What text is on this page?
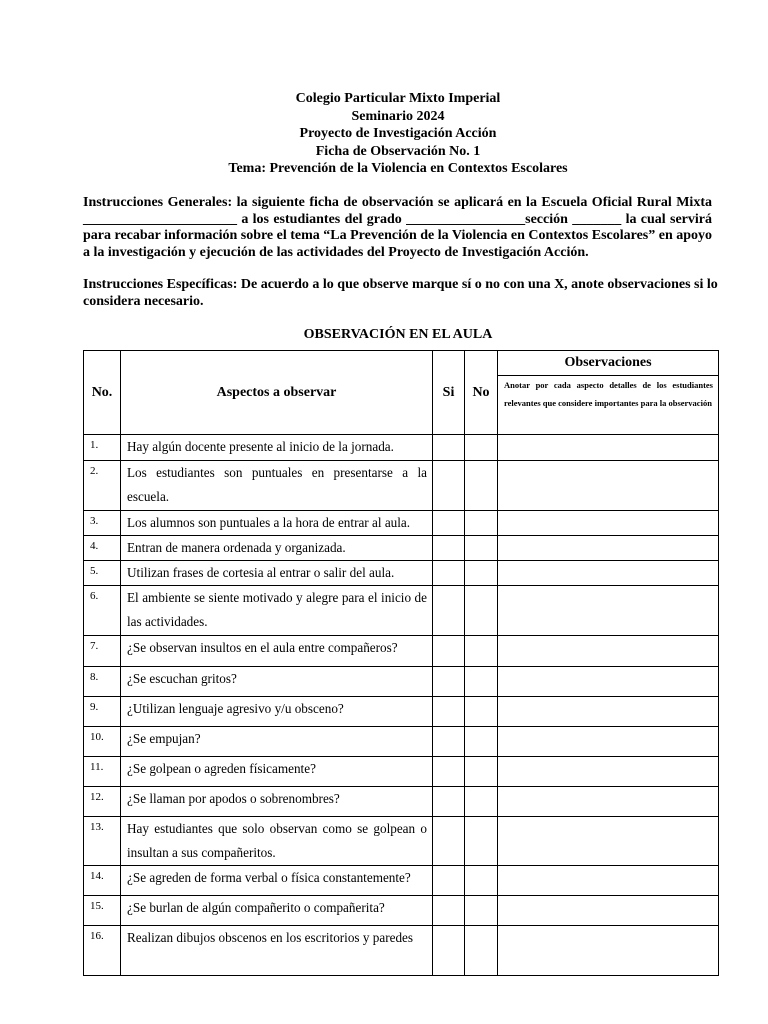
Colegio Particular Mixto Imperial
Seminario 2024
Proyecto de Investigación Acción
Ficha de Observación No. 1
Tema: Prevención de la Violencia en Contextos Escolares
Instrucciones Generales: la siguiente ficha de observación se aplicará en la Escuela Oficial Rural Mixta
______________________ a los estudiantes del grado _________________sección _______ la cual servirá
para recabar información sobre el tema “La Prevención de la Violencia en Contextos Escolares” en apoyo
a la investigación y ejecución de las actividades del Proyecto de Investigación Acción.
Instrucciones Específicas: De acuerdo a lo que observe marque sí o no con una X, anote observaciones si lo
considera necesario.
OBSERVACIÓN EN EL AULA
No.	Aspectos a observar	Si	No	Observaciones
				Anotar por cada aspecto detalles de los estudiantes relevantes que considere importantes para la observación
1.	Hay algún docente presente al inicio de la jornada.			
2.	Los estudiantes son puntuales en presentarse a la escuela.			
3.	Los alumnos son puntuales a la hora de entrar al aula.			
4.	Entran de manera ordenada y organizada.			
5.	Utilizan frases de cortesia al entrar o salir del aula.			
6.	El ambiente se siente motivado y alegre para el inicio de las actividades.			
7.	¿Se observan insultos en el aula entre compañeros?			
8.	¿Se escuchan gritos?			
9.	¿Utilizan lenguaje agresivo y/u obsceno?			
10.	¿Se empujan?			
11.	¿Se golpean o agreden físicamente?			
12.	¿Se llaman por apodos o sobrenombres?			
13.	Hay estudiantes que solo observan como se golpean o insultan a sus compañeritos.			
14.	¿Se agreden de forma verbal o física constantemente?			
15.	¿Se burlan de algún compañerito o compañerita?			
16.	Realizan dibujos obscenos en los escritorios y paredes			
